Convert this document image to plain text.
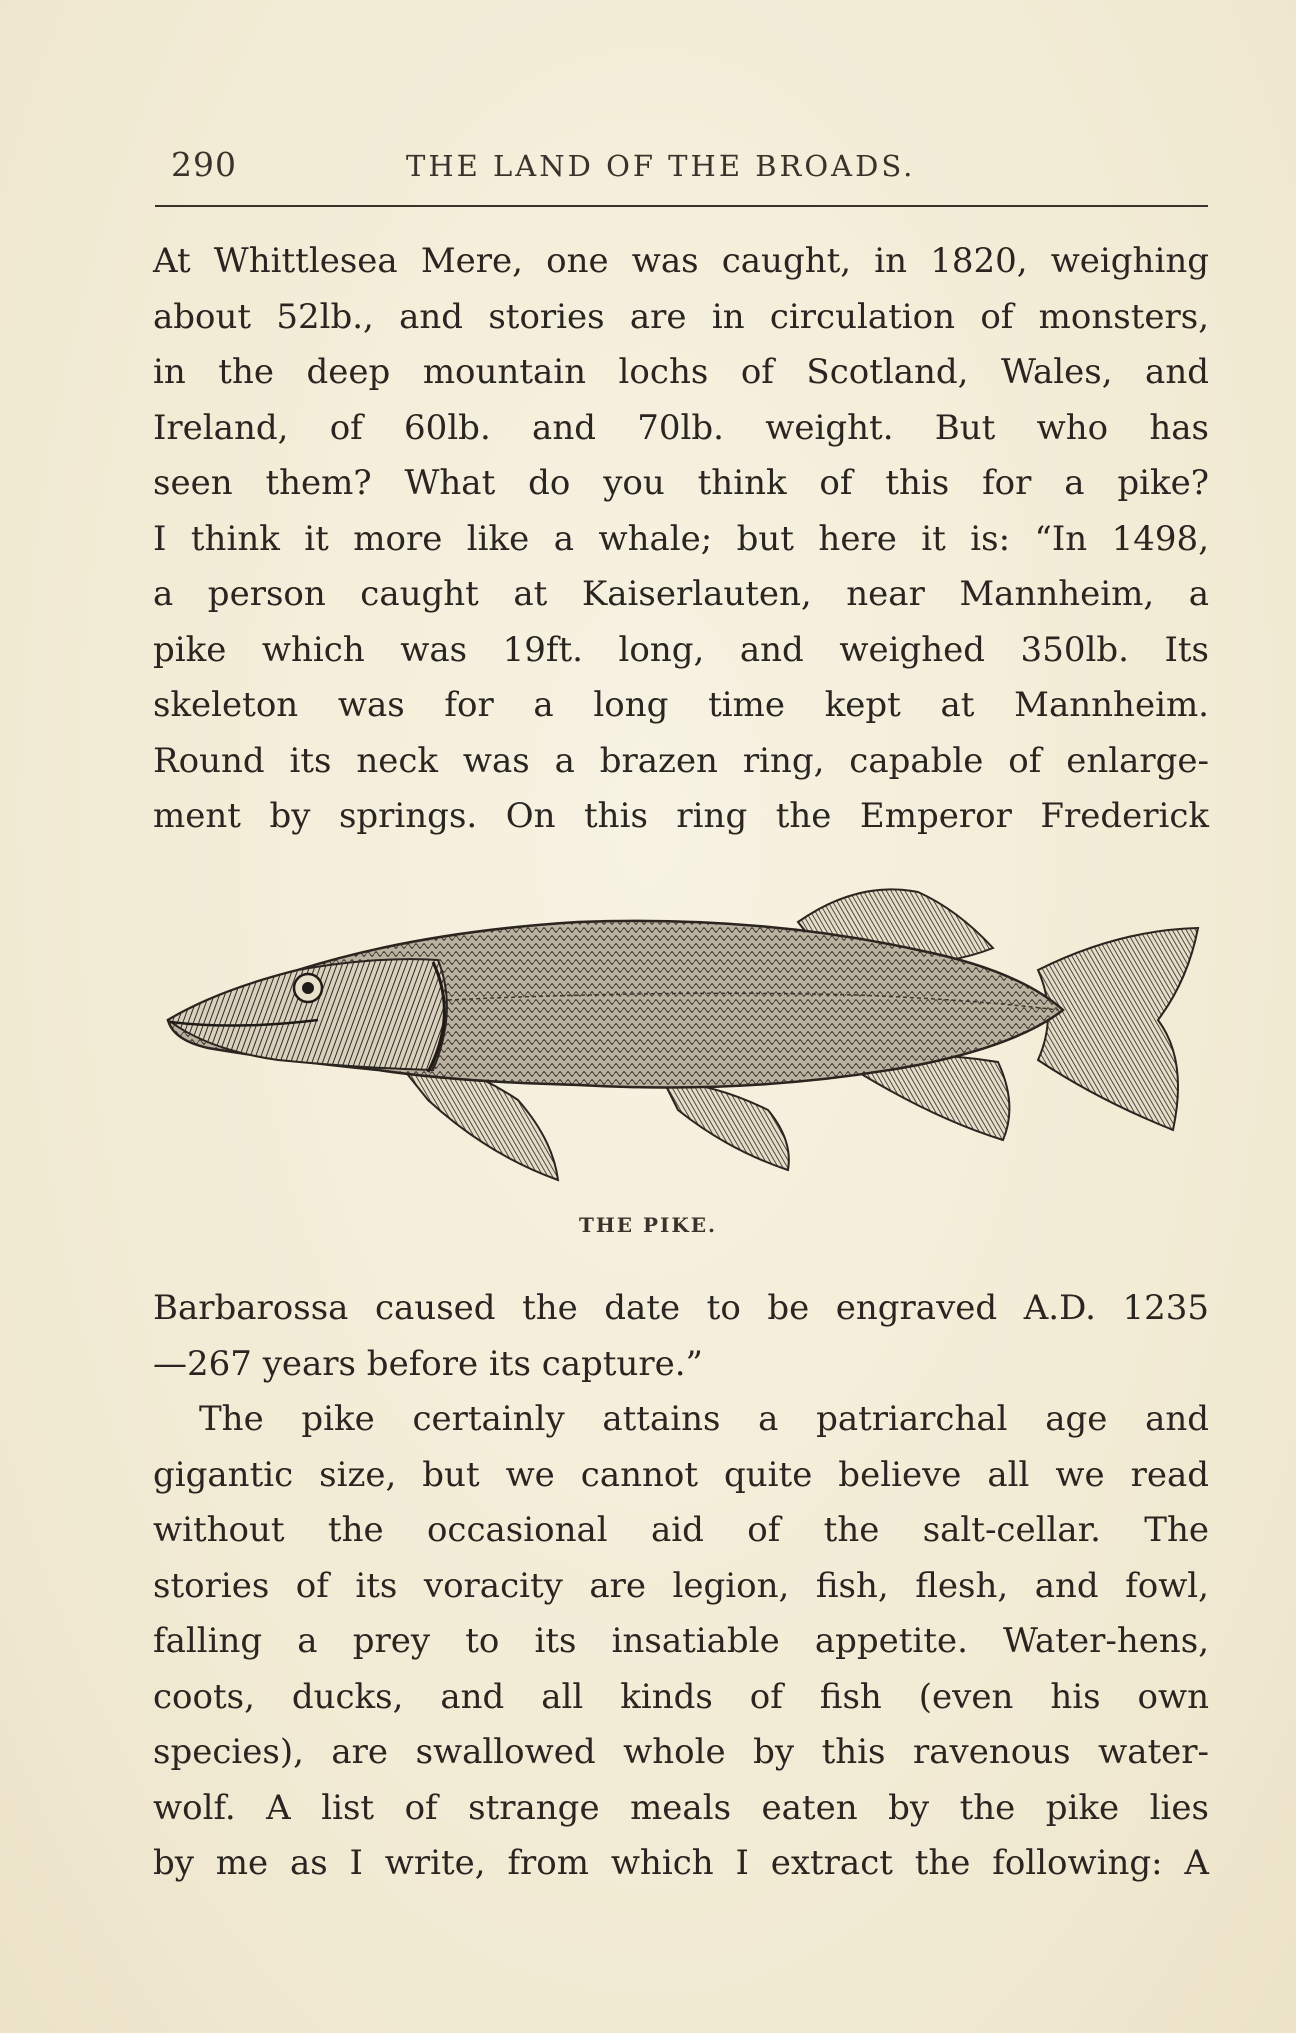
290	THE LAND OF THE BROADS.
At Whittlesea Mere, one was caught, in 1820, weighing
about 52lb., and stories are in circulation of monsters,
in the deep mountain lochs of Scotland, Wales, and
Ireland, of 60lb. and 70lb. weight. But who has
seen them? What do you think of this for a pike?
I think it more like a whale; but here it is: “In 1498,
a person caught at Kaiserlauten, near Mannheim, a
pike which was 19ft. long, and weighed 350lb. Its
skeleton was for a long time kept at Mannheim.
Round its neck was a brazen ring, capable of enlarge-
ment by springs. On this ring the Emperor Frederick
THE PIKE.
Barbarossa caused the date to be engraved A.D. 1235
—267 years before its capture.”
The pike certainly attains a patriarchal age and
gigantic size, but we cannot quite believe all we read
without the occasional aid of the salt-cellar. The
stories of its voracity are legion, fish, flesh, and fowl,
falling a prey to its insatiable appetite. Water-hens,
coots, ducks, and all kinds of fish (even his own
species), are swallowed whole by this ravenous water-
wolf. A list of strange meals eaten by the pike lies
by me as I write, from which I extract the following: A
